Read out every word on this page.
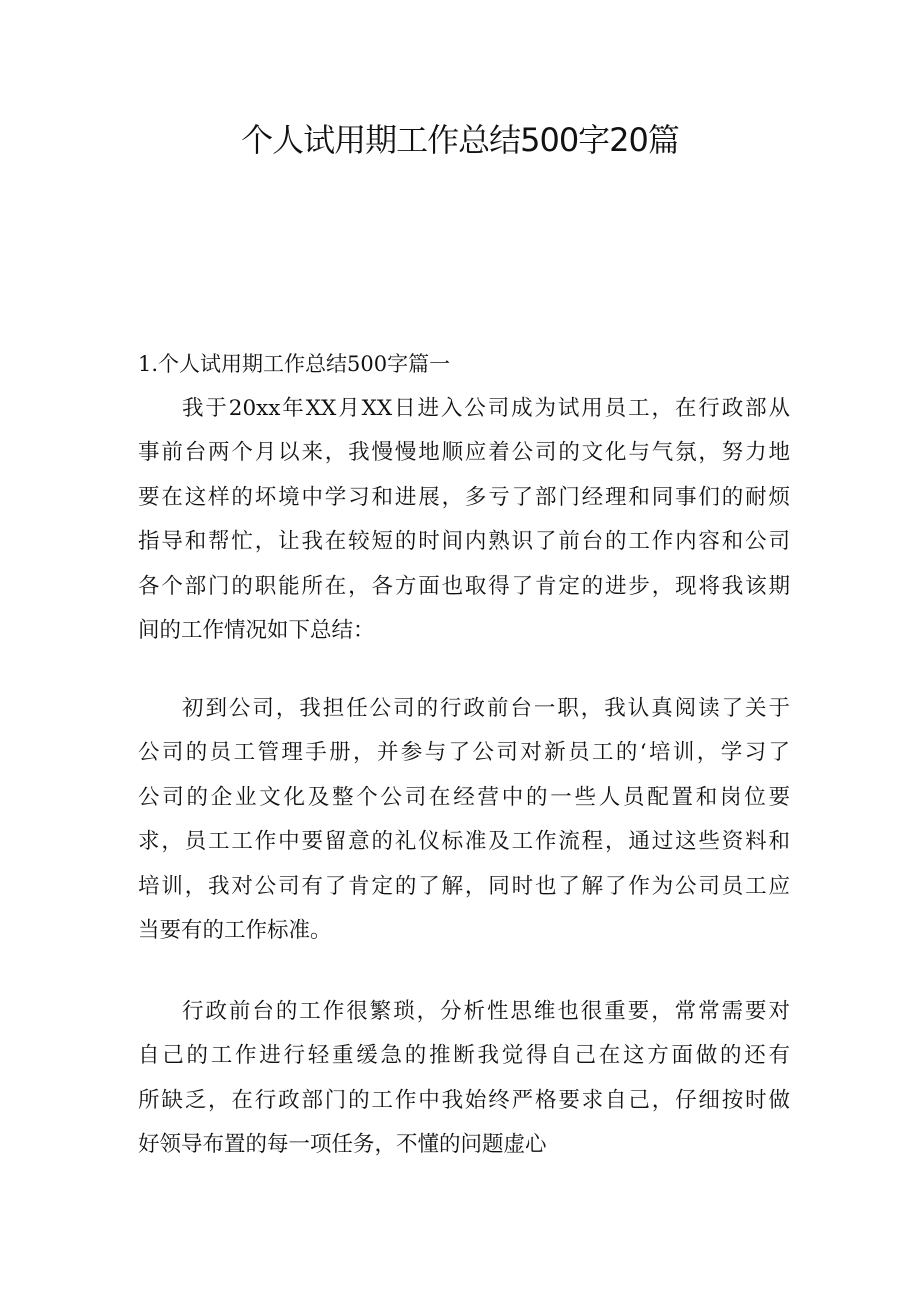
个人试用期工作总结500字20篇
1.个人试用期工作总结500字篇一

我于20xx年XX月XX日进入公司成为试用员工，在行政部从
事前台两个月以来，我慢慢地顺应着公司的文化与气氛，努力地
要在这样的坏境中学习和进展，多亏了部门经理和同事们的耐烦
指导和帮忙，让我在较短的时间内熟识了前台的工作内容和公司
各个部门的职能所在，各方面也取得了肯定的进步，现将我该期
间的工作情况如下总结：

初到公司，我担任公司的行政前台一职，我认真阅读了关于
公司的员工管理手册，并参与了公司对新员工的‘培训，学习了
公司的企业文化及整个公司在经营中的一些人员配置和岗位要
求，员工工作中要留意的礼仪标准及工作流程，通过这些资料和
培训，我对公司有了肯定的了解，同时也了解了作为公司员工应
当要有的工作标准。

行政前台的工作很繁琐，分析性思维也很重要，常常需要对
自己的工作进行轻重缓急的推断我觉得自己在这方面做的还有
所缺乏，在行政部门的工作中我始终严格要求自己，仔细按时做
好领导布置的每一项任务，不懂的问题虚心
